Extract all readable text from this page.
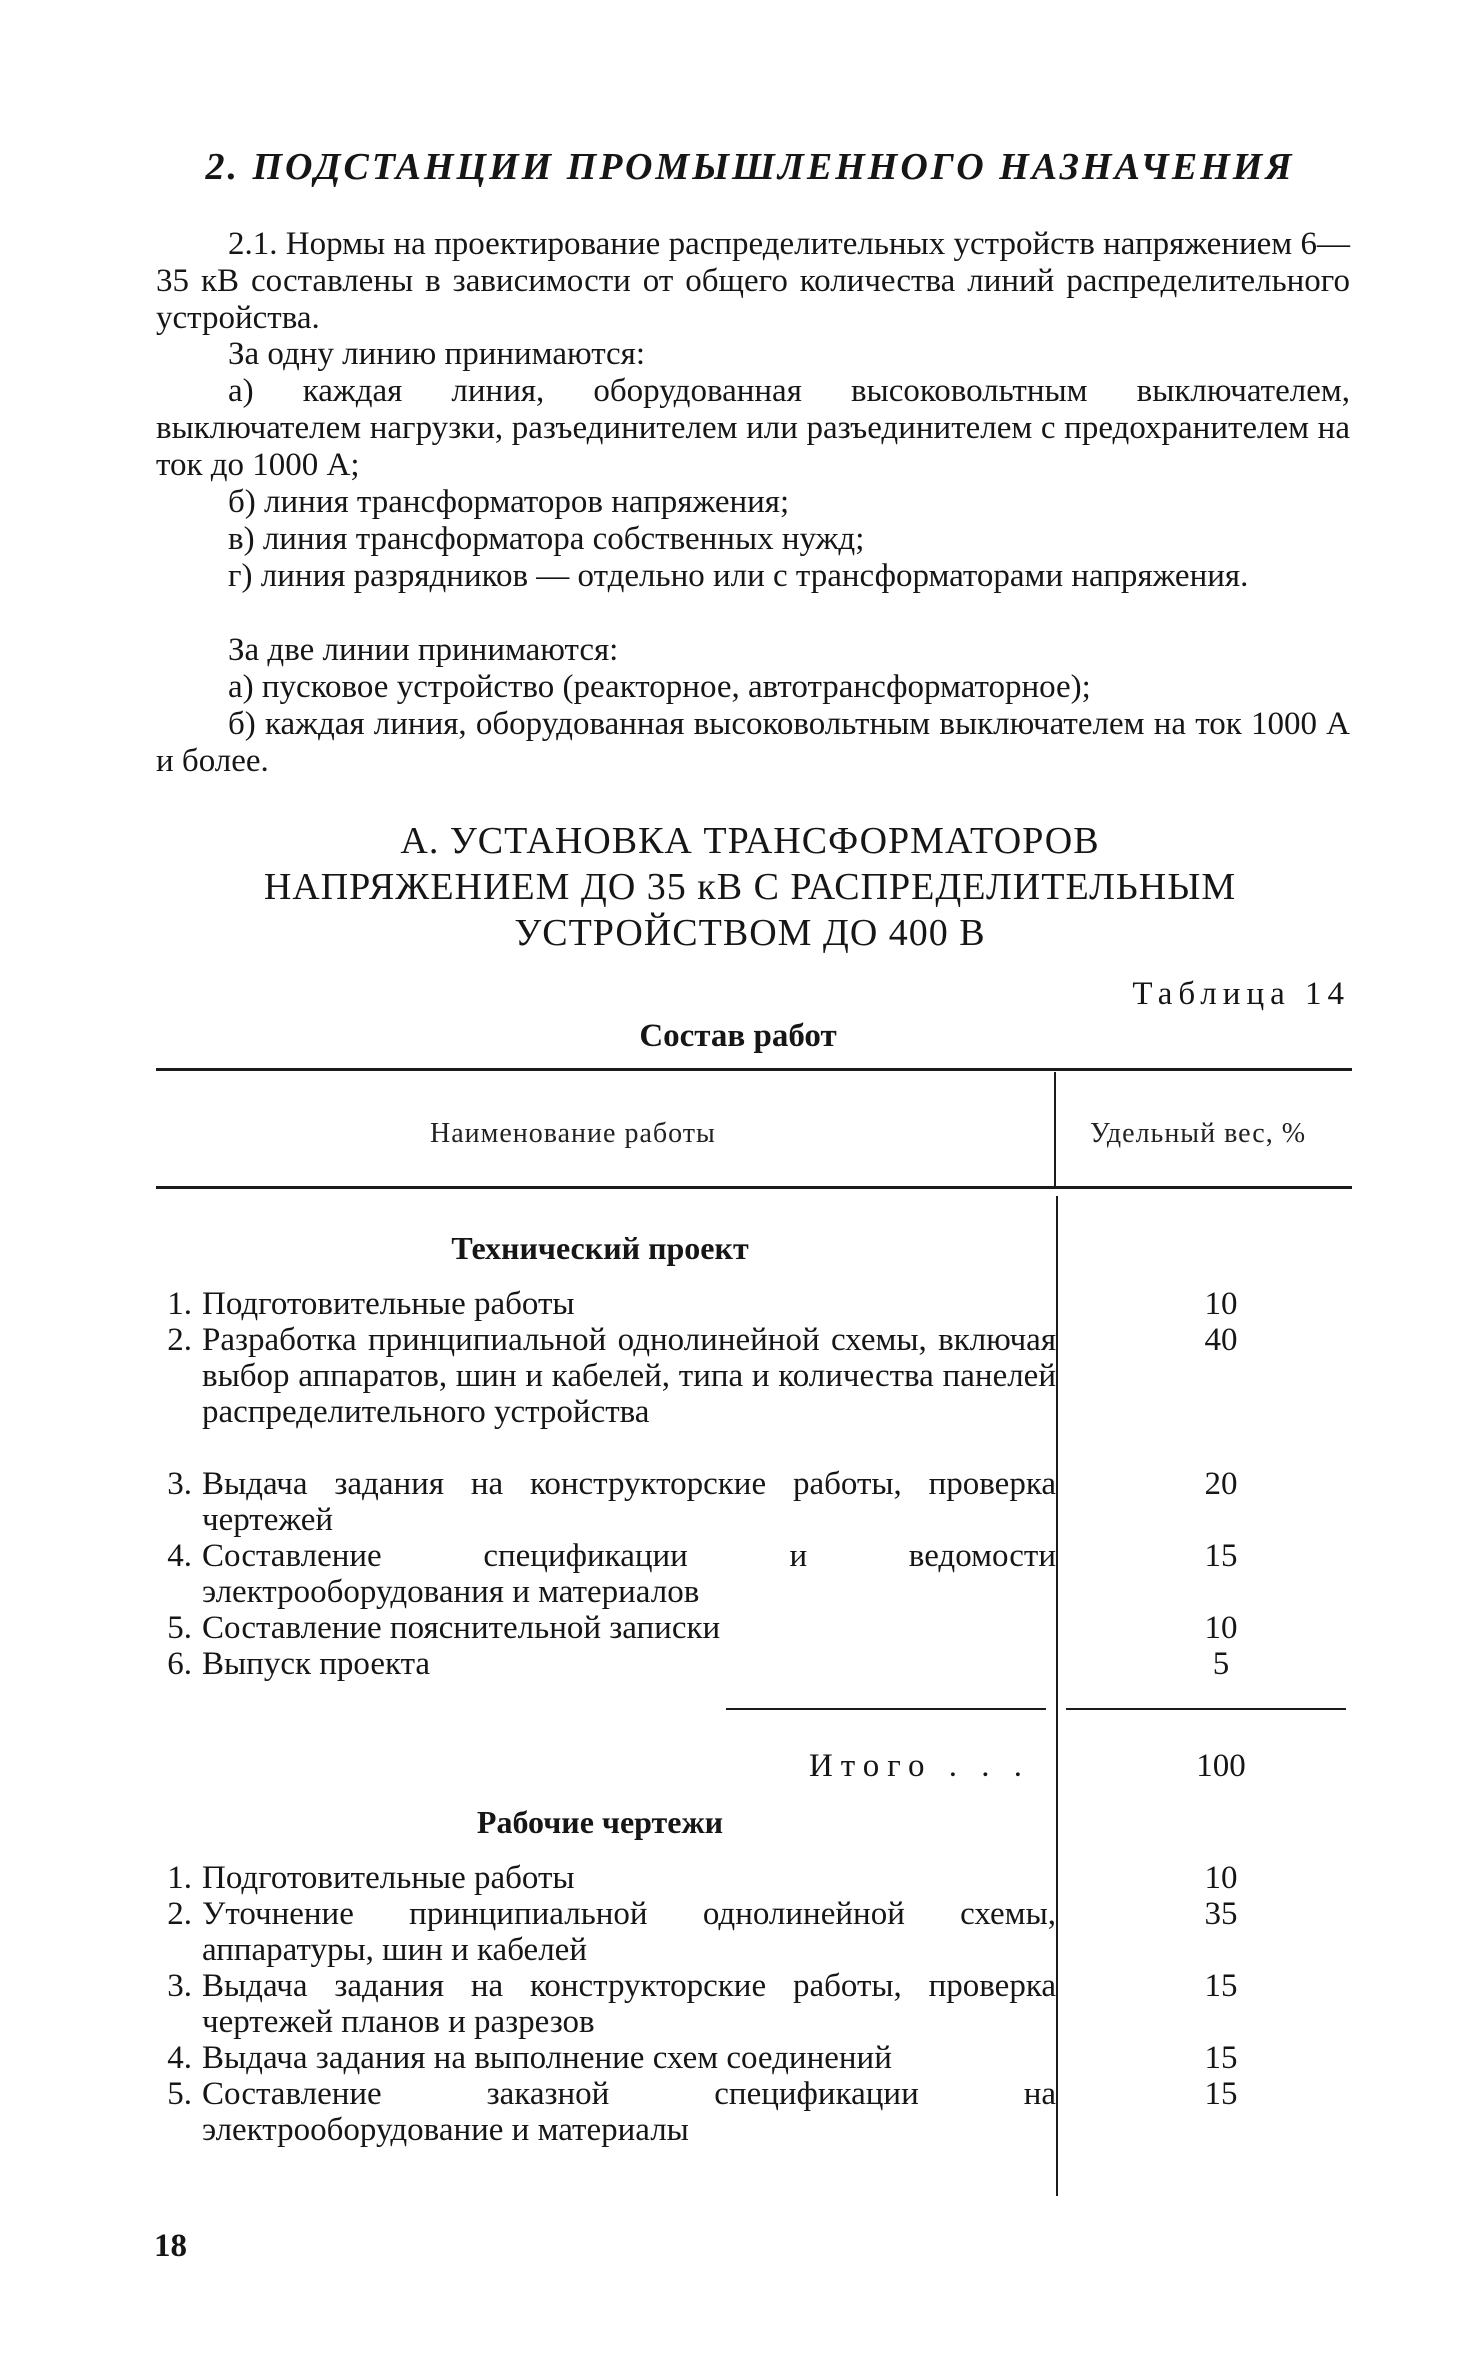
2. ПОДСТАНЦИИ ПРОМЫШЛЕННОГО НАЗНАЧЕНИЯ
2.1. Нормы на проектирование распределительных устройств напряжением 6—35 кВ составлены в зависимости от общего количества линий распределительного устройства.
За одну линию принимаются:
а) каждая линия, оборудованная высоковольтным выключателем, выключателем нагрузки, разъединителем или разъединителем с предохранителем на ток до 1000 А;
б) линия трансформаторов напряжения;
в) линия трансформатора собственных нужд;
г) линия разрядников — отдельно или с трансформаторами напряжения.
За две линии принимаются:
а) пусковое устройство (реакторное, автотрансформаторное);
б) каждая линия, оборудованная высоковольтным выключателем на ток 1000 А и более.
А. УСТАНОВКА ТРАНСФОРМАТОРОВ
НАПРЯЖЕНИЕМ ДО 35 кВ С РАСПРЕДЕЛИТЕЛЬНЫМ
УСТРОЙСТВОМ ДО 400 В
Таблица 14
Состав работ
Наименование работы	Удельный вес, %
Технический проект
1. Подготовительные работы	10
2. Разработка принципиальной однолинейной схемы, включая выбор аппаратов, шин и кабелей, типа и количества панелей распределительного устройства
40
3. Выдача задания на конструкторские работы, проверка чертежей
20
4. Составление спецификации и ведомости электрооборудования и материалов
15
5. Составление пояснительной записки	10
6. Выпуск проекта	5
Итого . . .	100
Рабочие чертежи
1. Подготовительные работы	10
2. Уточнение принципиальной однолинейной схемы, аппаратуры, шин и кабелей
35
3. Выдача задания на конструкторские работы, проверка чертежей планов и разрезов
15
4. Выдача задания на выполнение схем соединений	15
5. Составление заказной спецификации на электрооборудование и материалы
15
18
